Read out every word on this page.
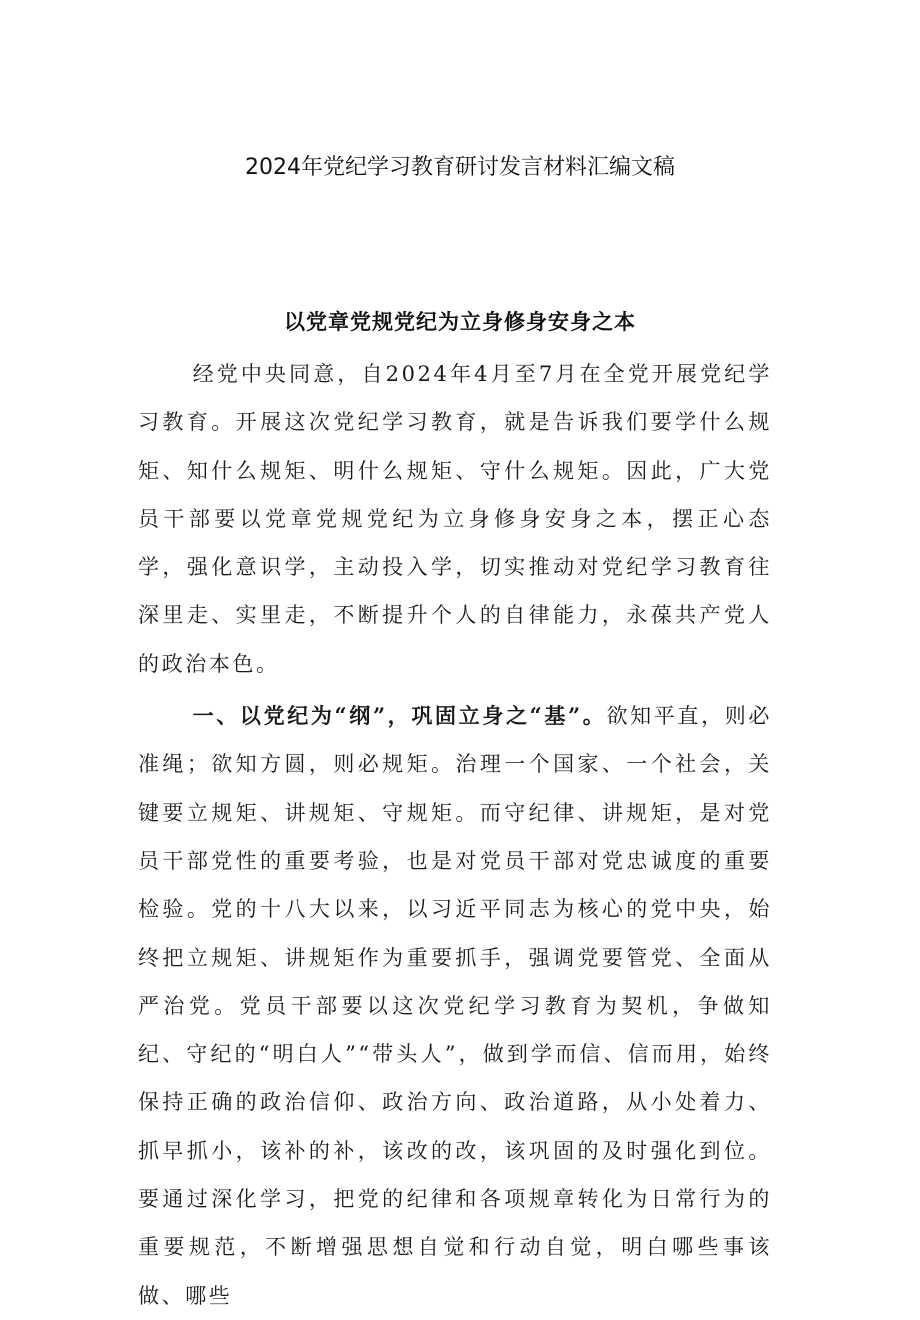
2024年党纪学习教育研讨发言材料汇编文稿
以党章党规党纪为立身修身安身之本

经党中央同意，自2024年4月至7月在全党开展党纪学习教育。开展这次党纪学习教育，就是告诉我们要学什么规矩、知什么规矩、明什么规矩、守什么规矩。因此，广大党员干部要以党章党规党纪为立身修身安身之本，摆正心态学，强化意识学，主动投入学，切实推动对党纪学习教育往深里走、实里走，不断提升个人的自律能力，永葆共产党人的政治本色。

一、以党纪为“纲”，巩固立身之“基”。欲知平直，则必准绳；欲知方圆，则必规矩。治理一个国家、一个社会，关键要立规矩、讲规矩、守规矩。而守纪律、讲规矩，是对党员干部党性的重要考验，也是对党员干部对党忠诚度的重要检验。党的十八大以来，以习近平同志为核心的党中央，始终把立规矩、讲规矩作为重要抓手，强调党要管党、全面从严治党。党员干部要以这次党纪学习教育为契机，争做知纪、守纪的“明白人”“带头人”，做到学而信、信而用，始终保持正确的政治信仰、政治方向、政治道路，从小处着力、抓早抓小，该补的补，该改的改，该巩固的及时强化到位。要通过深化学习，把党的纪律和各项规章转化为日常行为的重要规范，不断增强思想自觉和行动自觉，明白哪些事该做、哪些
